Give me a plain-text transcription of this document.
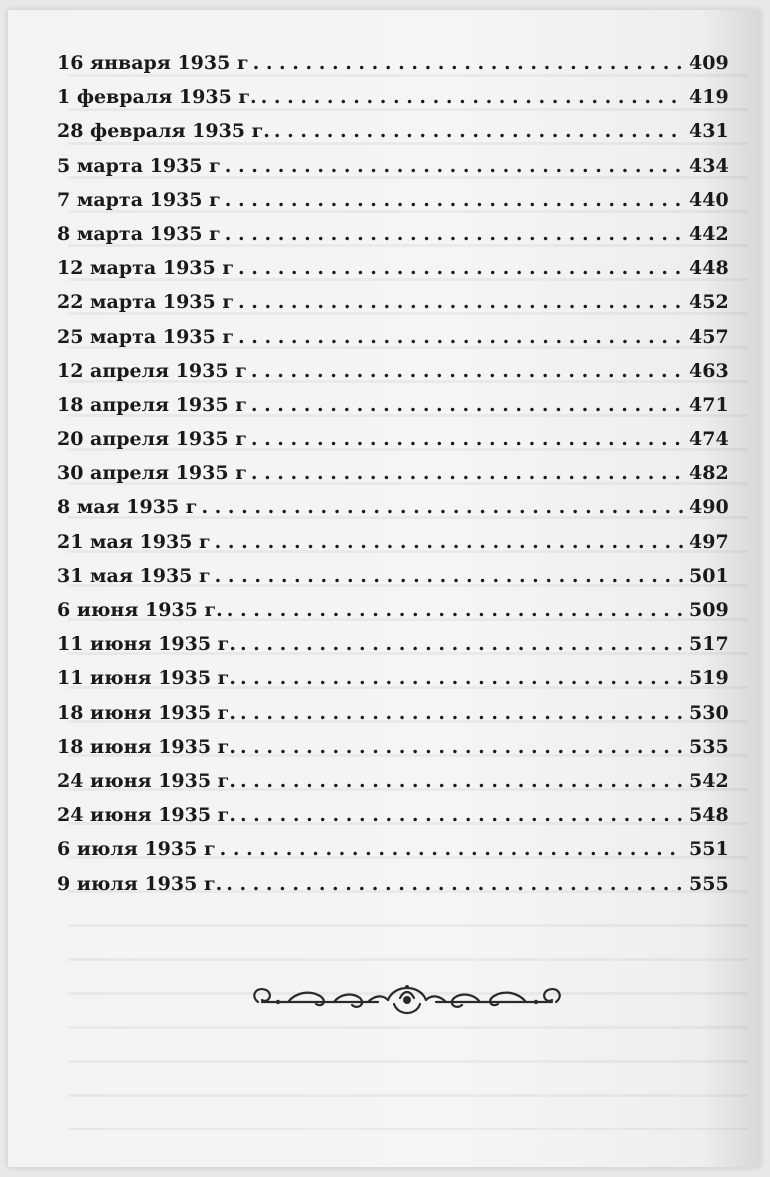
16 января 1935 г . . .	409
1 февраля 1935 г. . . .	419
28 февраля 1935 г. . . .	431
5 марта 1935 г . . .	434
7 марта 1935 г . . .	440
8 марта 1935 г . . .	442
12 марта 1935 г . . .	448
22 марта 1935 г . . .	452
25 марта 1935 г . . .	457
12 апреля 1935 г . . .	463
18 апреля 1935 г . . .	471
20 апреля 1935 г . . .	474
30 апреля 1935 г . . .	482
8 мая 1935 г . . .	490
21 мая 1935 г . . .	497
31 мая 1935 г . . .	501
6 июня 1935 г. . . .	509
11 июня 1935 г. . . .	517
11 июня 1935 г. . . .	519
18 июня 1935 г. . . .	530
18 июня 1935 г. . . .	535
24 июня 1935 г. . . .	542
24 июня 1935 г. . . .	548
6 июля 1935 г . . .	551
9 июля 1935 г. . . .	555
